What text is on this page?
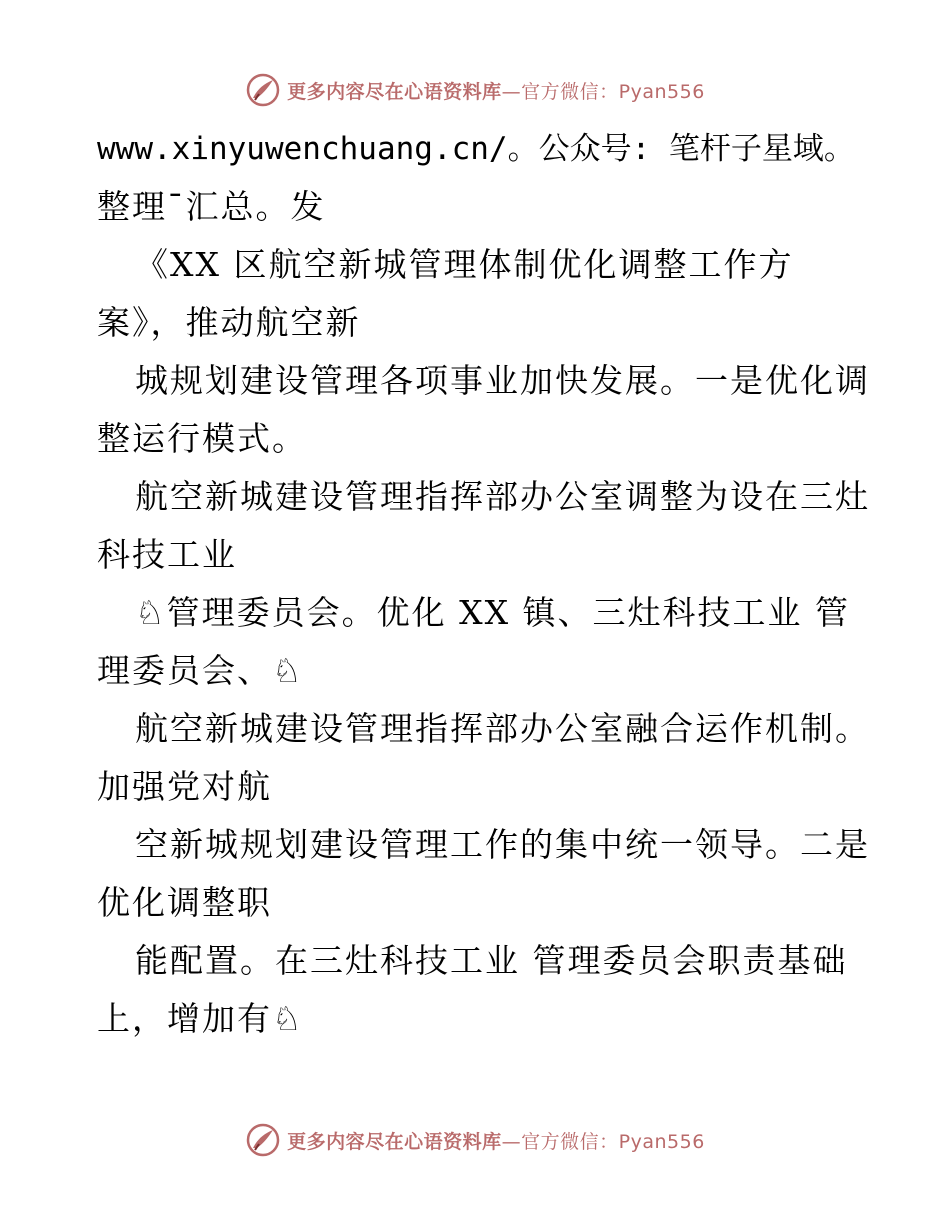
更多内容尽在心语资料库—官方微信：Pyan556
www.xinyuwenchuang.cn/。公众号: 笔杆子星域。
整理¯汇总。发
《XX 区航空新城管理体制优化调整工作方
案》，推动航空新
城规划建设管理各项事业加快发展。一是优化调
整运行模式。
航空新城建设管理指挥部办公室调整为设在三灶
科技工业
♘管理委员会。优化 XX 镇、三灶科技工业 管
理委员会、♘
航空新城建设管理指挥部办公室融合运作机制。
加强党对航
空新城规划建设管理工作的集中统一领导。二是
优化调整职
能配置。在三灶科技工业 管理委员会职责基础
上，增加有♘
更多内容尽在心语资料库—官方微信：Pyan556
